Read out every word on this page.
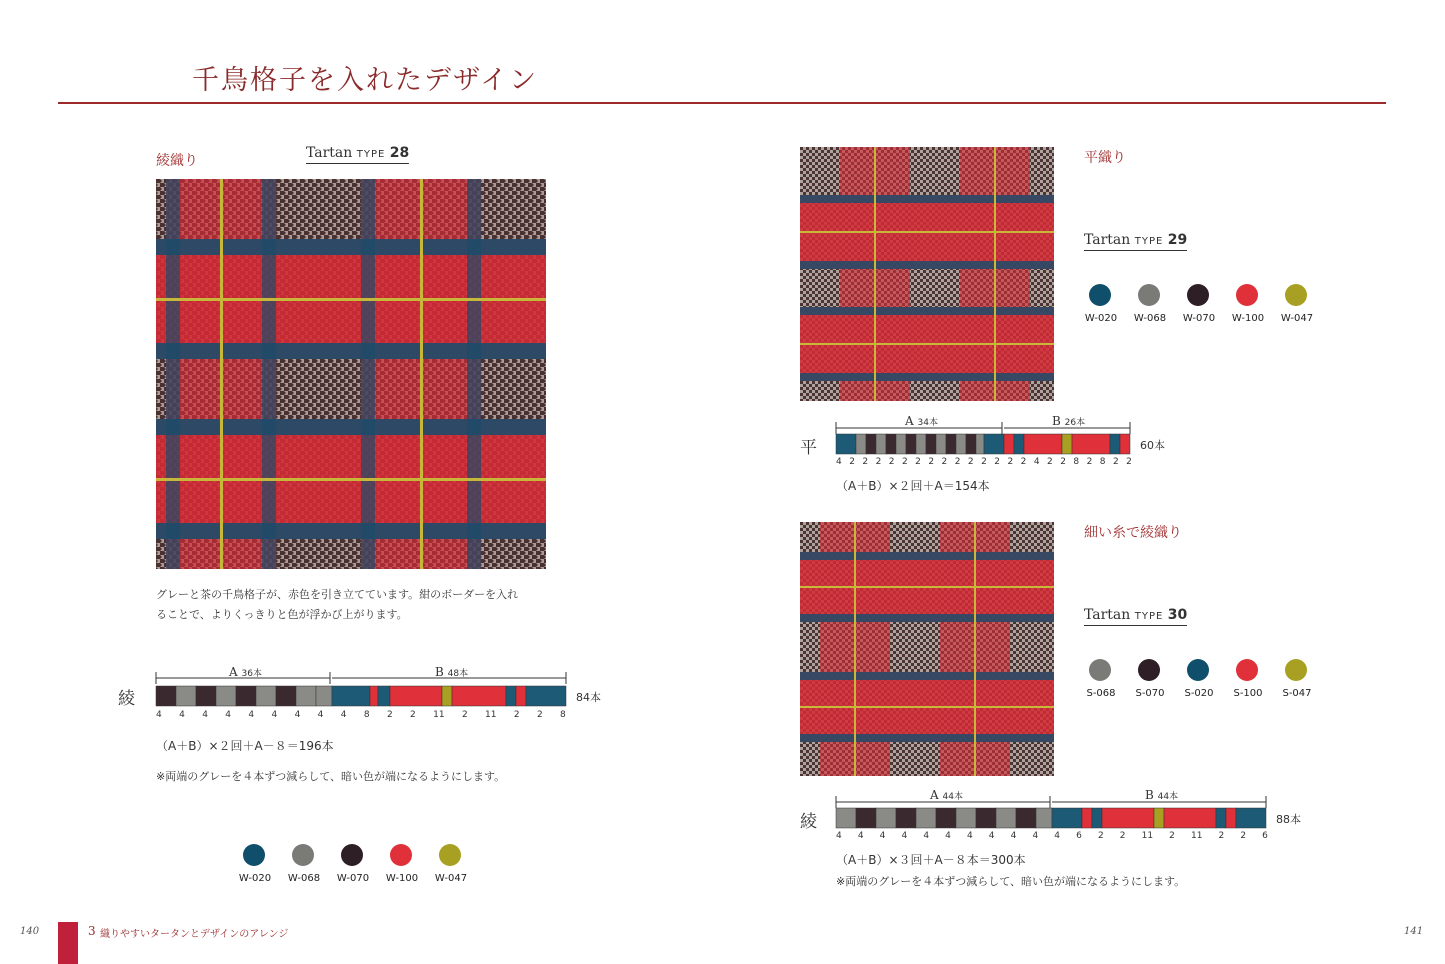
千鳥格子を入れたデザイン
綾織り	Tartan TYPE 28
グレーと茶の千鳥格子が、赤色を引き立てています。紺のボーダーを入れ
ることで、よりくっきりと色が浮かび上がります。
綾
A 36本	B 48本
84本
4 4 4 4 4 4 4 4 4 8 2 2 11 2 11 2 2 8
（A＋B）×２回＋A－８＝196本
※両端のグレーを４本ずつ減らして、暗い色が端になるようにします。
W-020	W-068	W-070	W-100	W-047
平織り
Tartan TYPE 29
W-020	W-068	W-070	W-100	W-047
平
A 34本	B 26本
60本
4 2 2 2 2 2 2 2 2 2 2 2 2 2 2 4 2 2 8 2 8 2 2
（A＋B）×２回＋A＝154本
細い糸で綾織り
Tartan TYPE 30
S-068	S-070	S-020	S-100	S-047
綾
A 44本	B 44本
88本
4 4 4 4 4 4 4 4 4 4 4 6 2 2 11 2 11 2 2 6
（A＋B）×３回＋A－８本＝300本
※両端のグレーを４本ずつ減らして、暗い色が端になるようにします。
140	3 織りやすいタータンとデザインのアレンジ	141
